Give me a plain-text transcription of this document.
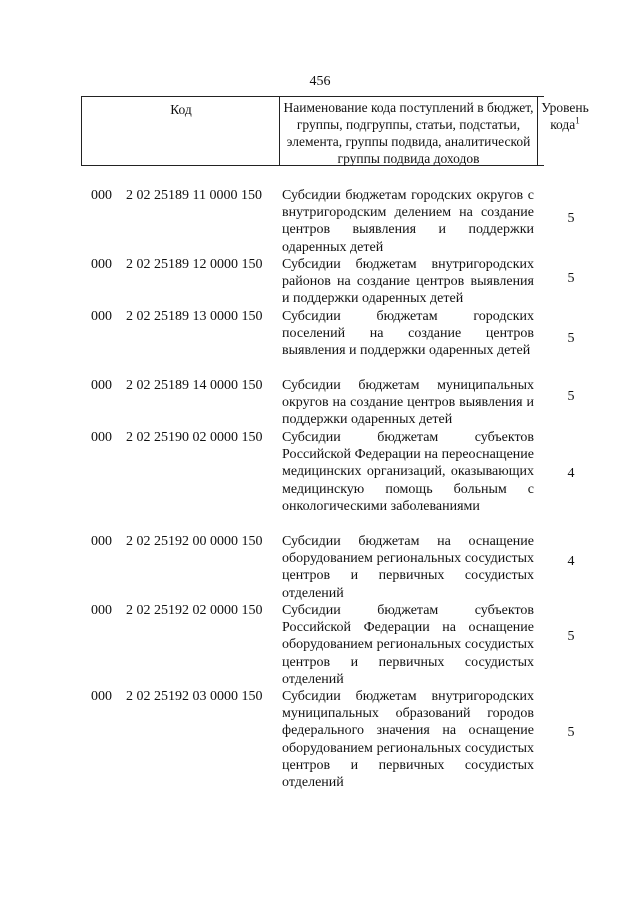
456
Код	Наименование кода поступлений в бюджет, группы, подгруппы, статьи, подстатьи, элемента, группы подвида, аналитической группы подвида доходов
Уровень кода$^1$
000 2 02 25189 11 0000 150 Субсидии бюджетам городских округов с внутригородским делением на создание центров выявления и поддержки одаренных детей
5
000 2 02 25189 12 0000 150 Субсидии бюджетам внутригородских районов на создание центров выявления и поддержки одаренных детей
5
000 2 02 25189 13 0000 150 Субсидии бюджетам городских поселений на создание центров выявления и поддержки одаренных детей
5
000 2 02 25189 14 0000 150 Субсидии бюджетам муниципальных округов на создание центров выявления и поддержки одаренных детей
5
000 2 02 25190 02 0000 150 Субсидии бюджетам субъектов Российской Федерации на переоснащение медицинских организаций, оказывающих медицинскую помощь больным с онкологическими заболеваниями
4
000 2 02 25192 00 0000 150 Субсидии бюджетам на оснащение оборудованием региональных сосудистых центров и первичных сосудистых отделений
4
000 2 02 25192 02 0000 150 Субсидии бюджетам субъектов Российской Федерации на оснащение оборудованием региональных сосудистых центров и первичных сосудистых отделений
5
000 2 02 25192 03 0000 150 Субсидии бюджетам внутригородских муниципальных образований городов федерального значения на оснащение оборудованием региональных сосудистых центров и первичных сосудистых отделений
5
